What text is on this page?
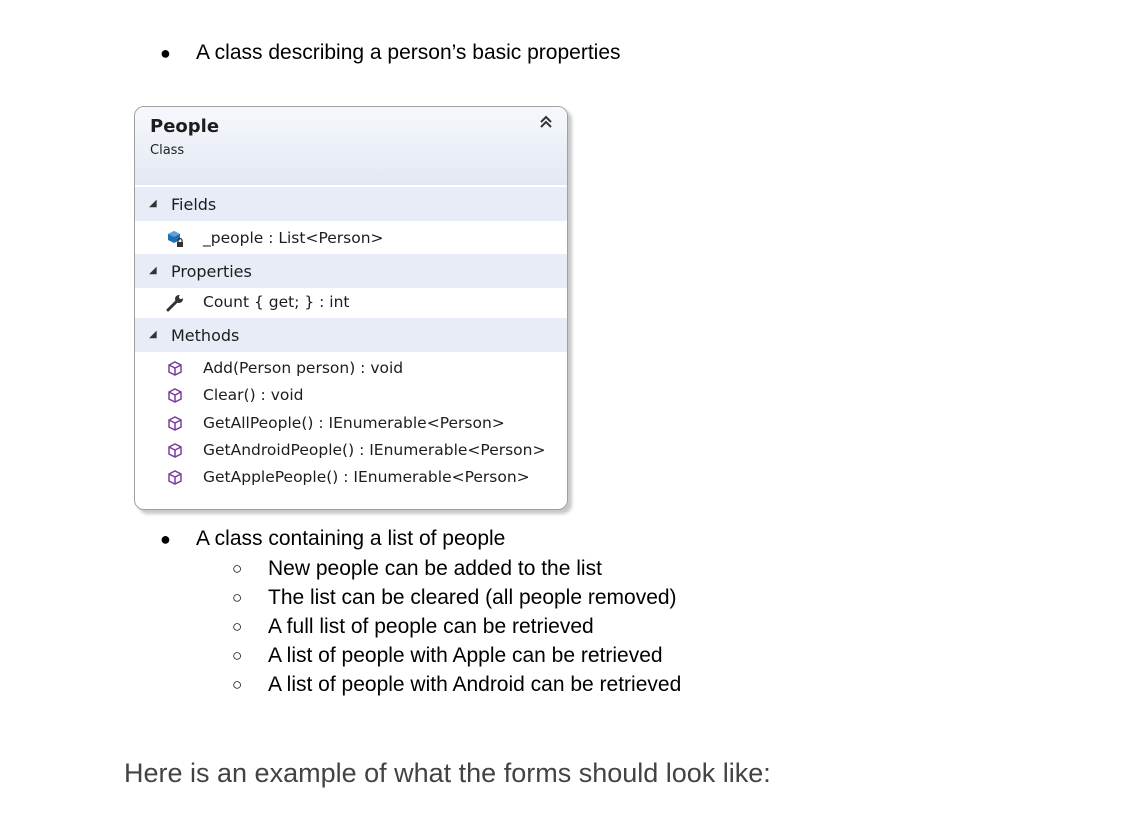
● A class describing a person’s basic properties
People
Class
◢ Fields
_people : List<Person>
◢ Properties
Count { get; } : int
◢ Methods
Add(Person person) : void
Clear() : void
GetAllPeople() : IEnumerable<Person>
GetAndroidPeople() : IEnumerable<Person>
GetApplePeople() : IEnumerable<Person>
● A class containing a list of people
○ New people can be added to the list
○ The list can be cleared (all people removed)
○ A full list of people can be retrieved
○ A list of people with Apple can be retrieved
○ A list of people with Android can be retrieved
Here is an example of what the forms should look like:
